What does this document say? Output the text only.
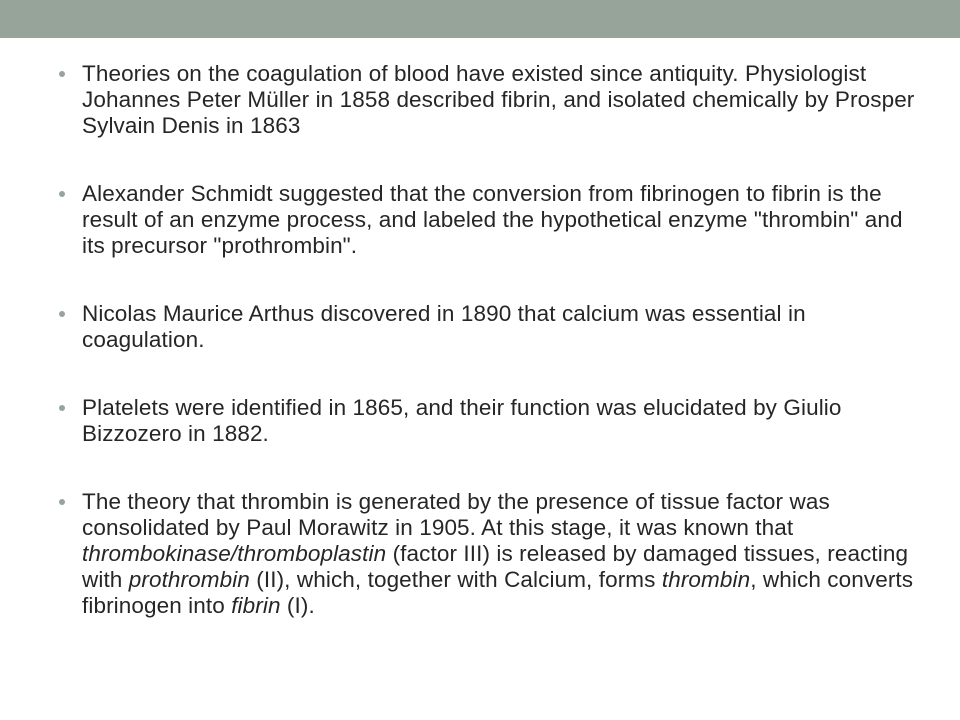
Theories on the coagulation of blood have existed since antiquity. Physiologist Johannes Peter Müller in 1858 described fibrin, and isolated chemically by Prosper Sylvain Denis in 1863
Alexander Schmidt suggested that the conversion from fibrinogen to fibrin is the result of an enzyme process, and labeled the hypothetical enzyme "thrombin" and its precursor "prothrombin".
Nicolas Maurice Arthus discovered in 1890 that calcium was essential in coagulation.
Platelets were identified in 1865, and their function was elucidated by Giulio Bizzozero in 1882.
The theory that thrombin is generated by the presence of tissue factor was consolidated by Paul Morawitz in 1905. At this stage, it was known that thrombokinase/thromboplastin (factor III) is released by damaged tissues, reacting with prothrombin (II), which, together with Calcium, forms thrombin, which converts fibrinogen into fibrin (I).
